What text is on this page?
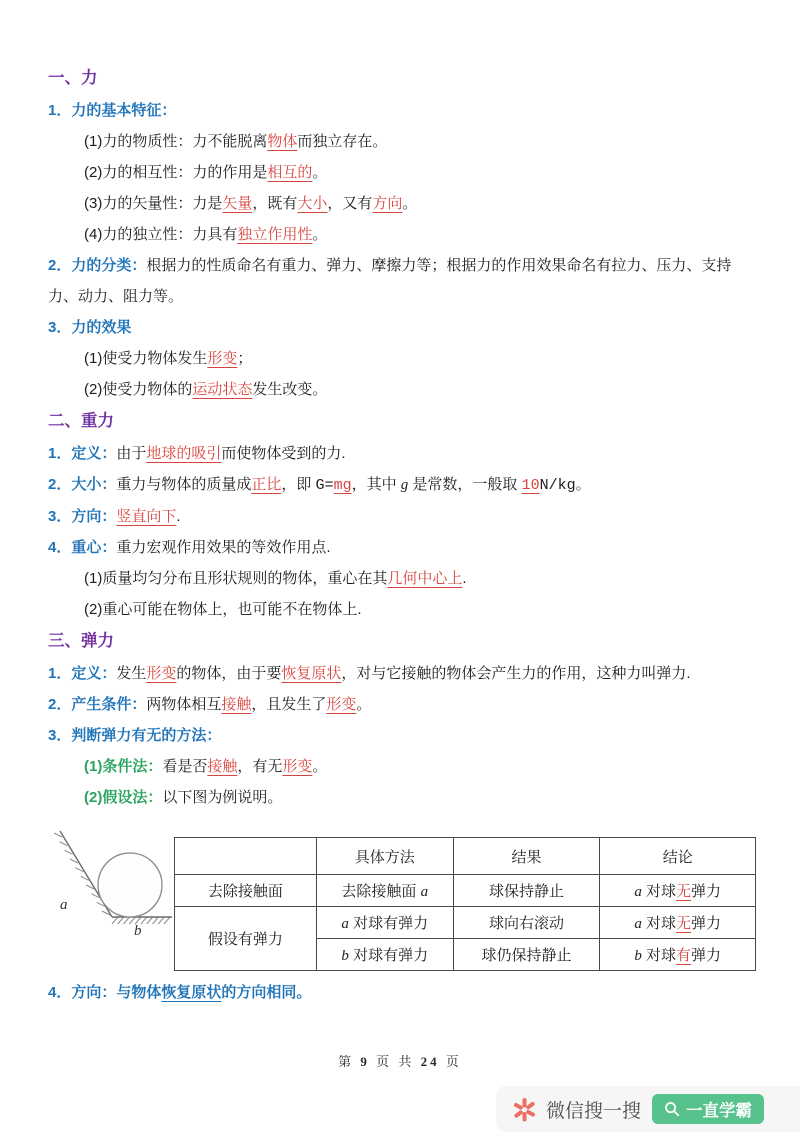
一、力
1．力的基本特征：
(1)力的物质性：力不能脱离物体而独立存在。
(2)力的相互性：力的作用是相互的。
(3)力的矢量性：力是矢量，既有大小，又有方向。
(4)力的独立性：力具有独立作用性。
2．力的分类：根据力的性质命名有重力、弹力、摩擦力等；根据力的作用效果命名有拉力、压力、支持力、动力、阻力等。
3．力的效果
(1)使受力物体发生形变；
(2)使受力物体的运动状态发生改变。
二、重力
1．定义：由于地球的吸引而使物体受到的力.
2．大小：重力与物体的质量成正比，即 G=mg，其中 g 是常数，一般取 10N/kg。
3．方向：竖直向下.
4．重心：重力宏观作用效果的等效作用点.
(1)质量均匀分布且形状规则的物体，重心在其几何中心上.
(2)重心可能在物体上，也可能不在物体上.
三、弹力
1．定义：发生形变的物体，由于要恢复原状，对与它接触的物体会产生力的作用，这种力叫弹力.
2．产生条件：两物体相互接触，且发生了形变。
3．判断弹力有无的方法：
(1)条件法：看是否接触，有无形变。
(2)假设法：以下图为例说明。
a
b
	具体方法	结果	结论
去除接触面	去除接触面 a	球保持静止	a 对球无弹力
假设有弹力	a 对球有弹力	球向右滚动	a 对球无弹力
	b 对球有弹力	球仍保持静止	b 对球有弹力
4．方向：与物体恢复原状的方向相同。
第 9 页 共 24 页
微信搜一搜	一直学霸
